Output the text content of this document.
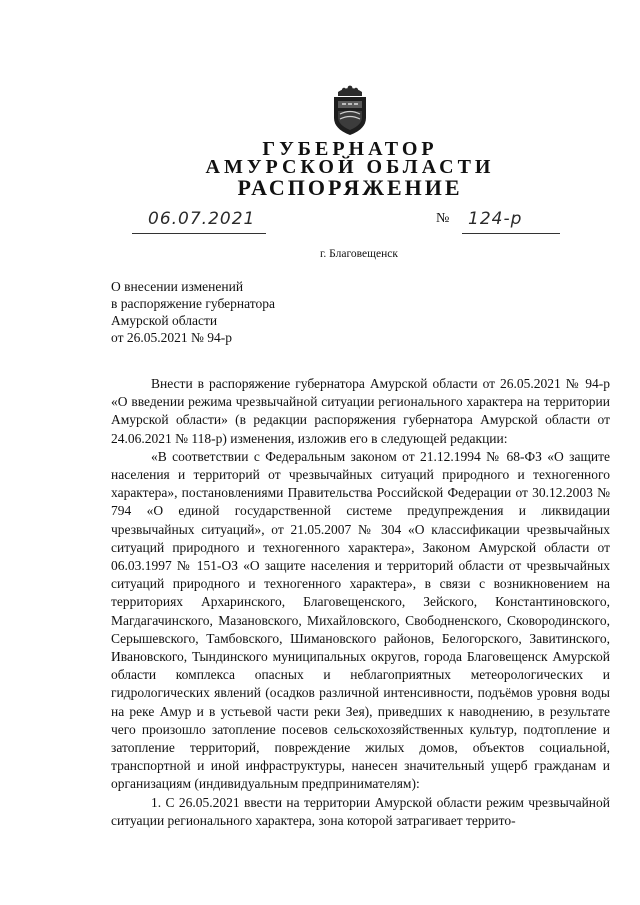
ГУБЕРНАТОР
АМУРСКОЙ ОБЛАСТИ
РАСПОРЯЖЕНИЕ
06.07.2021	№ 124-р
г. Благовещенск
О внесении изменений
в распоряжение губернатора
Амурской области
от 26.05.2021 № 94-р

Внести в распоряжение губернатора Амурской области от 26.05.2021 № 94-р «О введении режима чрезвычайной ситуации регионального характера на территории Амурской области» (в редакции распоряжения губернатора Амурской области от 24.06.2021 № 118-р) изменения, изложив его в следующей редакции:

«В соответствии с Федеральным законом от 21.12.1994 № 68-ФЗ «О защите населения и территорий от чрезвычайных ситуаций природного и техногенного характера», постановлениями Правительства Российской Федерации от 30.12.2003 № 794 «О единой государственной системе предупреждения и ликвидации чрезвычайных ситуаций», от 21.05.2007 № 304 «О классификации чрезвычайных ситуаций природного и техногенного характера», Законом Амурской области от 06.03.1997 № 151-ОЗ «О защите населения и территорий области от чрезвычайных ситуаций природного и техногенного характера», в связи с возникновением на территориях Архаринского, Благовещенского, Зейского, Константиновского, Магдагачинского, Мазановского, Михайловского, Свободненского, Сковородинского, Серышевского, Тамбовского, Шимановского районов, Белогорского, Завитинского, Ивановского, Тындинского муниципальных округов, города Благовещенск Амурской области комплекса опасных и неблагоприятных метеорологических и гидрологических явлений (осадков различной интенсивности, подъёмов уровня воды на реке Амур и в устьевой части реки Зея), приведших к наводнению, в результате чего произошло затопление посевов сельскохозяйственных культур, подтопление и затопление территорий, повреждение жилых домов, объектов социальной, транспортной и иной инфраструктуры, нанесен значительный ущерб гражданам и организациям (индивидуальным предпринимателям):

1. С 26.05.2021 ввести на территории Амурской области режим чрезвычайной ситуации регионального характера, зона которой затрагивает террито-
